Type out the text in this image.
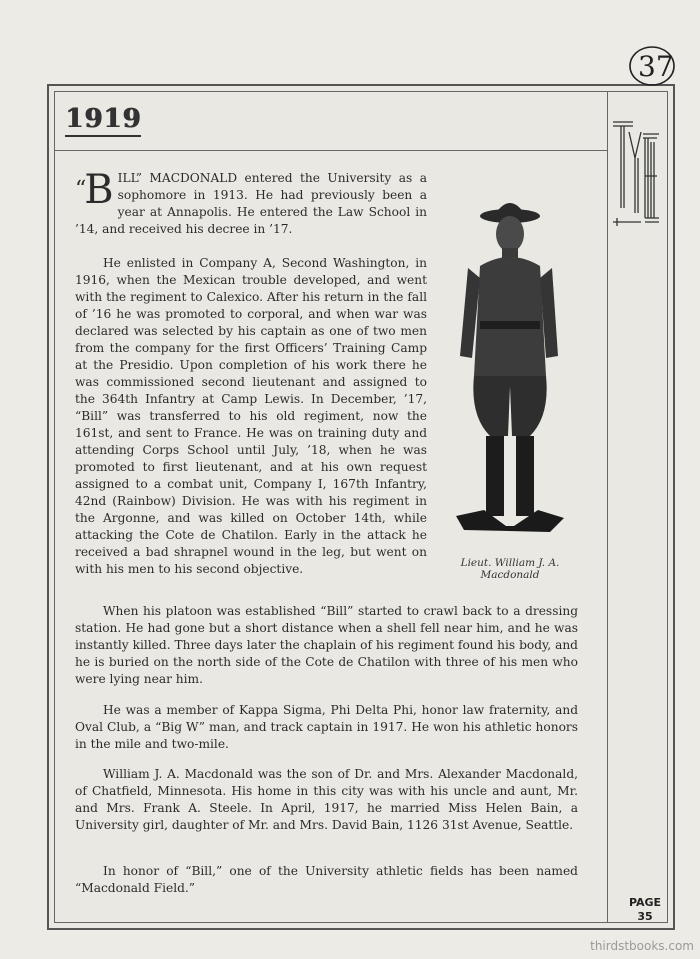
1919
PAGE
35
37
“B ILL” MACDONALD entered the University as a sophomore in 1913. He had previously been a year at Annapolis. He entered the Law School in ’14, and received his decree in ’17.
He enlisted in Company A, Second Washington, in 1916, when the Mexican trouble developed, and went with the regiment to Calexico. After his return in the fall of ’16 he was promoted to corporal, and when war was declared was selected by his captain as one of two men from the company for the first Officers’ Training Camp at the Presidio. Upon completion of his work there he was commissioned second lieutenant and assigned to the 364th Infantry at Camp Lewis. In December, ’17, “Bill” was transferred to his old regiment, now the 161st, and sent to France. He was on training duty and attending Corps School until July, ’18, when he was promoted to first lieutenant, and at his own request assigned to a combat unit, Company I, 167th Infantry, 42nd (Rainbow) Division. He was with his regiment in the Argonne, and was killed on October 14th, while attacking the Cote de Chatilon. Early in the attack he received a bad shrapnel wound in the leg, but went on with his men to his second objective.	Lieut. William J. A.
Macdonald
When his platoon was established “Bill” started to crawl back to a dressing station. He had gone but a short distance when a shell fell near him, and he was instantly killed. Three days later the chaplain of his regiment found his body, and he is buried on the north side of the Cote de Chatilon with three of his men who were lying near him.
He was a member of Kappa Sigma, Phi Delta Phi, honor law fraternity, and Oval Club, a “Big W” man, and track captain in 1917. He won his athletic honors in the mile and two-mile.
William J. A. Macdonald was the son of Dr. and Mrs. Alexander Macdonald, of Chatfield, Minnesota. His home in this city was with his uncle and aunt, Mr. and Mrs. Frank A. Steele. In April, 1917, he married Miss Helen Bain, a University girl, daughter of Mr. and Mrs. David Bain, 1126 31st Avenue, Seattle.
In honor of “Bill,” one of the University athletic fields has been named “Macdonald Field.”
thirdstbooks.com
